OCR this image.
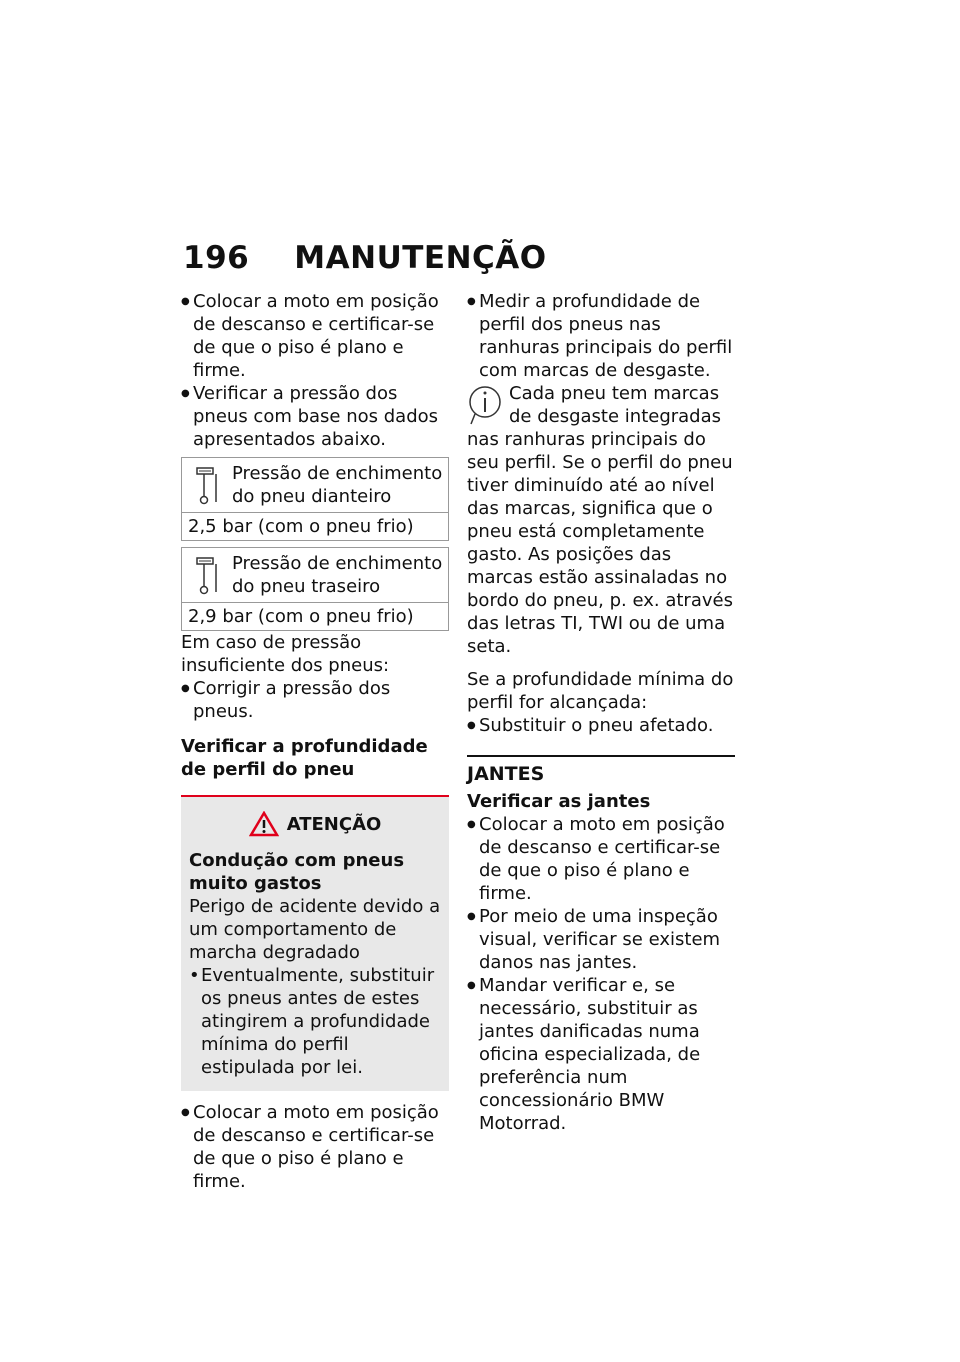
196 MANUTENÇÃO
● Colocar a moto em posição de descanso e certificar-se de que o piso é plano e firme.
● Verificar a pressão dos pneus com base nos dados apresentados abaixo.
Pressão de enchimento do pneu dianteiro
2,5 bar (com o pneu frio)
Pressão de enchimento do pneu traseiro
2,9 bar (com o pneu frio)

Em caso de pressão insuficiente dos pneus:

● Corrigir a pressão dos pneus.
Verificar a profundidade de perfil do pneu
ATENÇÃO
Condução com pneus muito gastos

Perigo de acidente devido a um comportamento de marcha degradado

• Eventualmente, substituir os pneus antes de estes atingirem a profundidade mínima do perfil estipulada por lei.
● Colocar a moto em posição de descanso e certificar-se de que o piso é plano e firme.
● Medir a profundidade de perfil dos pneus nas ranhuras principais do perfil com marcas de desgaste.

Cada pneu tem marcas de desgaste integradas nas ranhuras principais do seu perfil. Se o perfil do pneu tiver diminuído até ao nível das marcas, significa que o pneu está completamente gasto. As posições das marcas estão assinaladas no bordo do pneu, p. ex. através das letras TI, TWI ou de uma seta.

Se a profundidade mínima do perfil for alcançada:

● Substituir o pneu afetado.
JANTES
Verificar as jantes
● Colocar a moto em posição de descanso e certificar-se de que o piso é plano e firme.
● Por meio de uma inspeção visual, verificar se existem danos nas jantes.
● Mandar verificar e, se necessário, substituir as jantes danificadas numa oficina especializada, de preferência num concessionário BMW Motorrad.
